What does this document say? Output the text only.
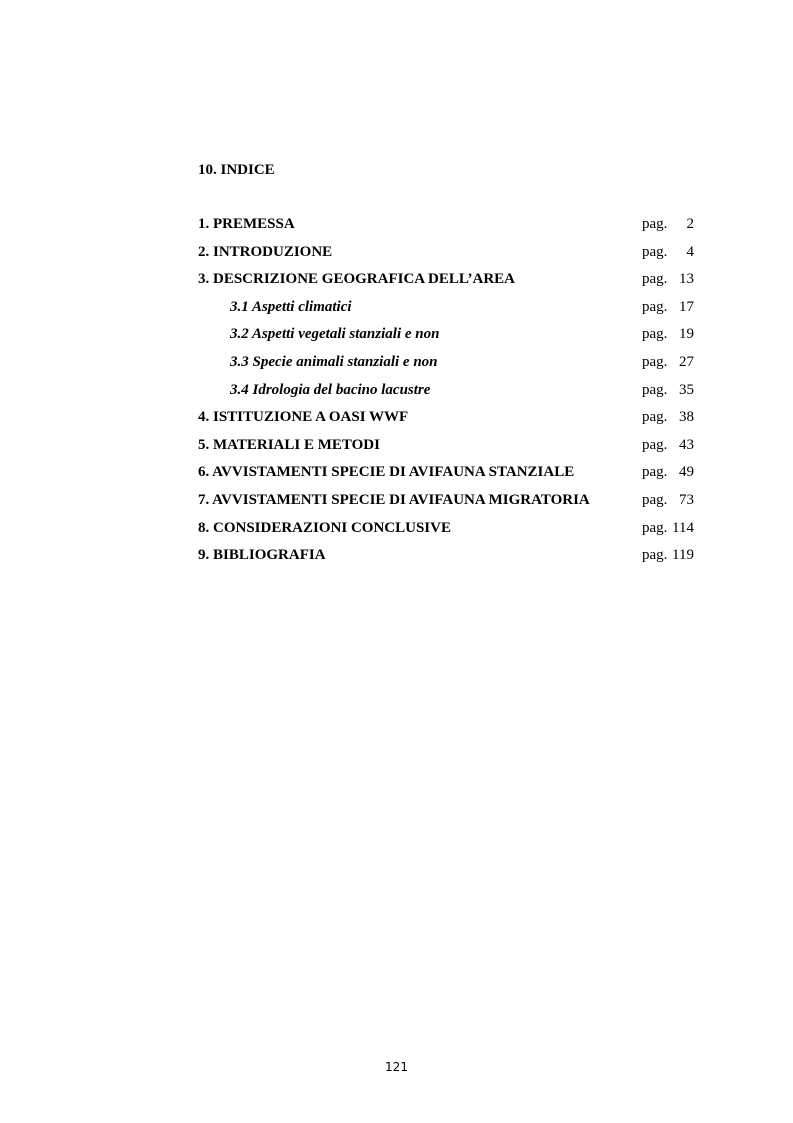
10. INDICE
1. PREMESSA	pag. 2
2. INTRODUZIONE	pag. 4
3. DESCRIZIONE GEOGRAFICA DELL’AREA	pag. 13
3.1 Aspetti climatici	pag. 17
3.2 Aspetti vegetali stanziali e non	pag. 19
3.3 Specie animali stanziali e non	pag. 27
3.4 Idrologia del bacino lacustre	pag. 35
4. ISTITUZIONE A OASI WWF	pag. 38
5. MATERIALI E METODI	pag. 43
6. AVVISTAMENTI SPECIE DI AVIFAUNA STANZIALE	pag. 49
7. AVVISTAMENTI SPECIE DI AVIFAUNA MIGRATORIA	pag. 73
8. CONSIDERAZIONI CONCLUSIVE	pag. 114
9. BIBLIOGRAFIA	pag. 119
121
